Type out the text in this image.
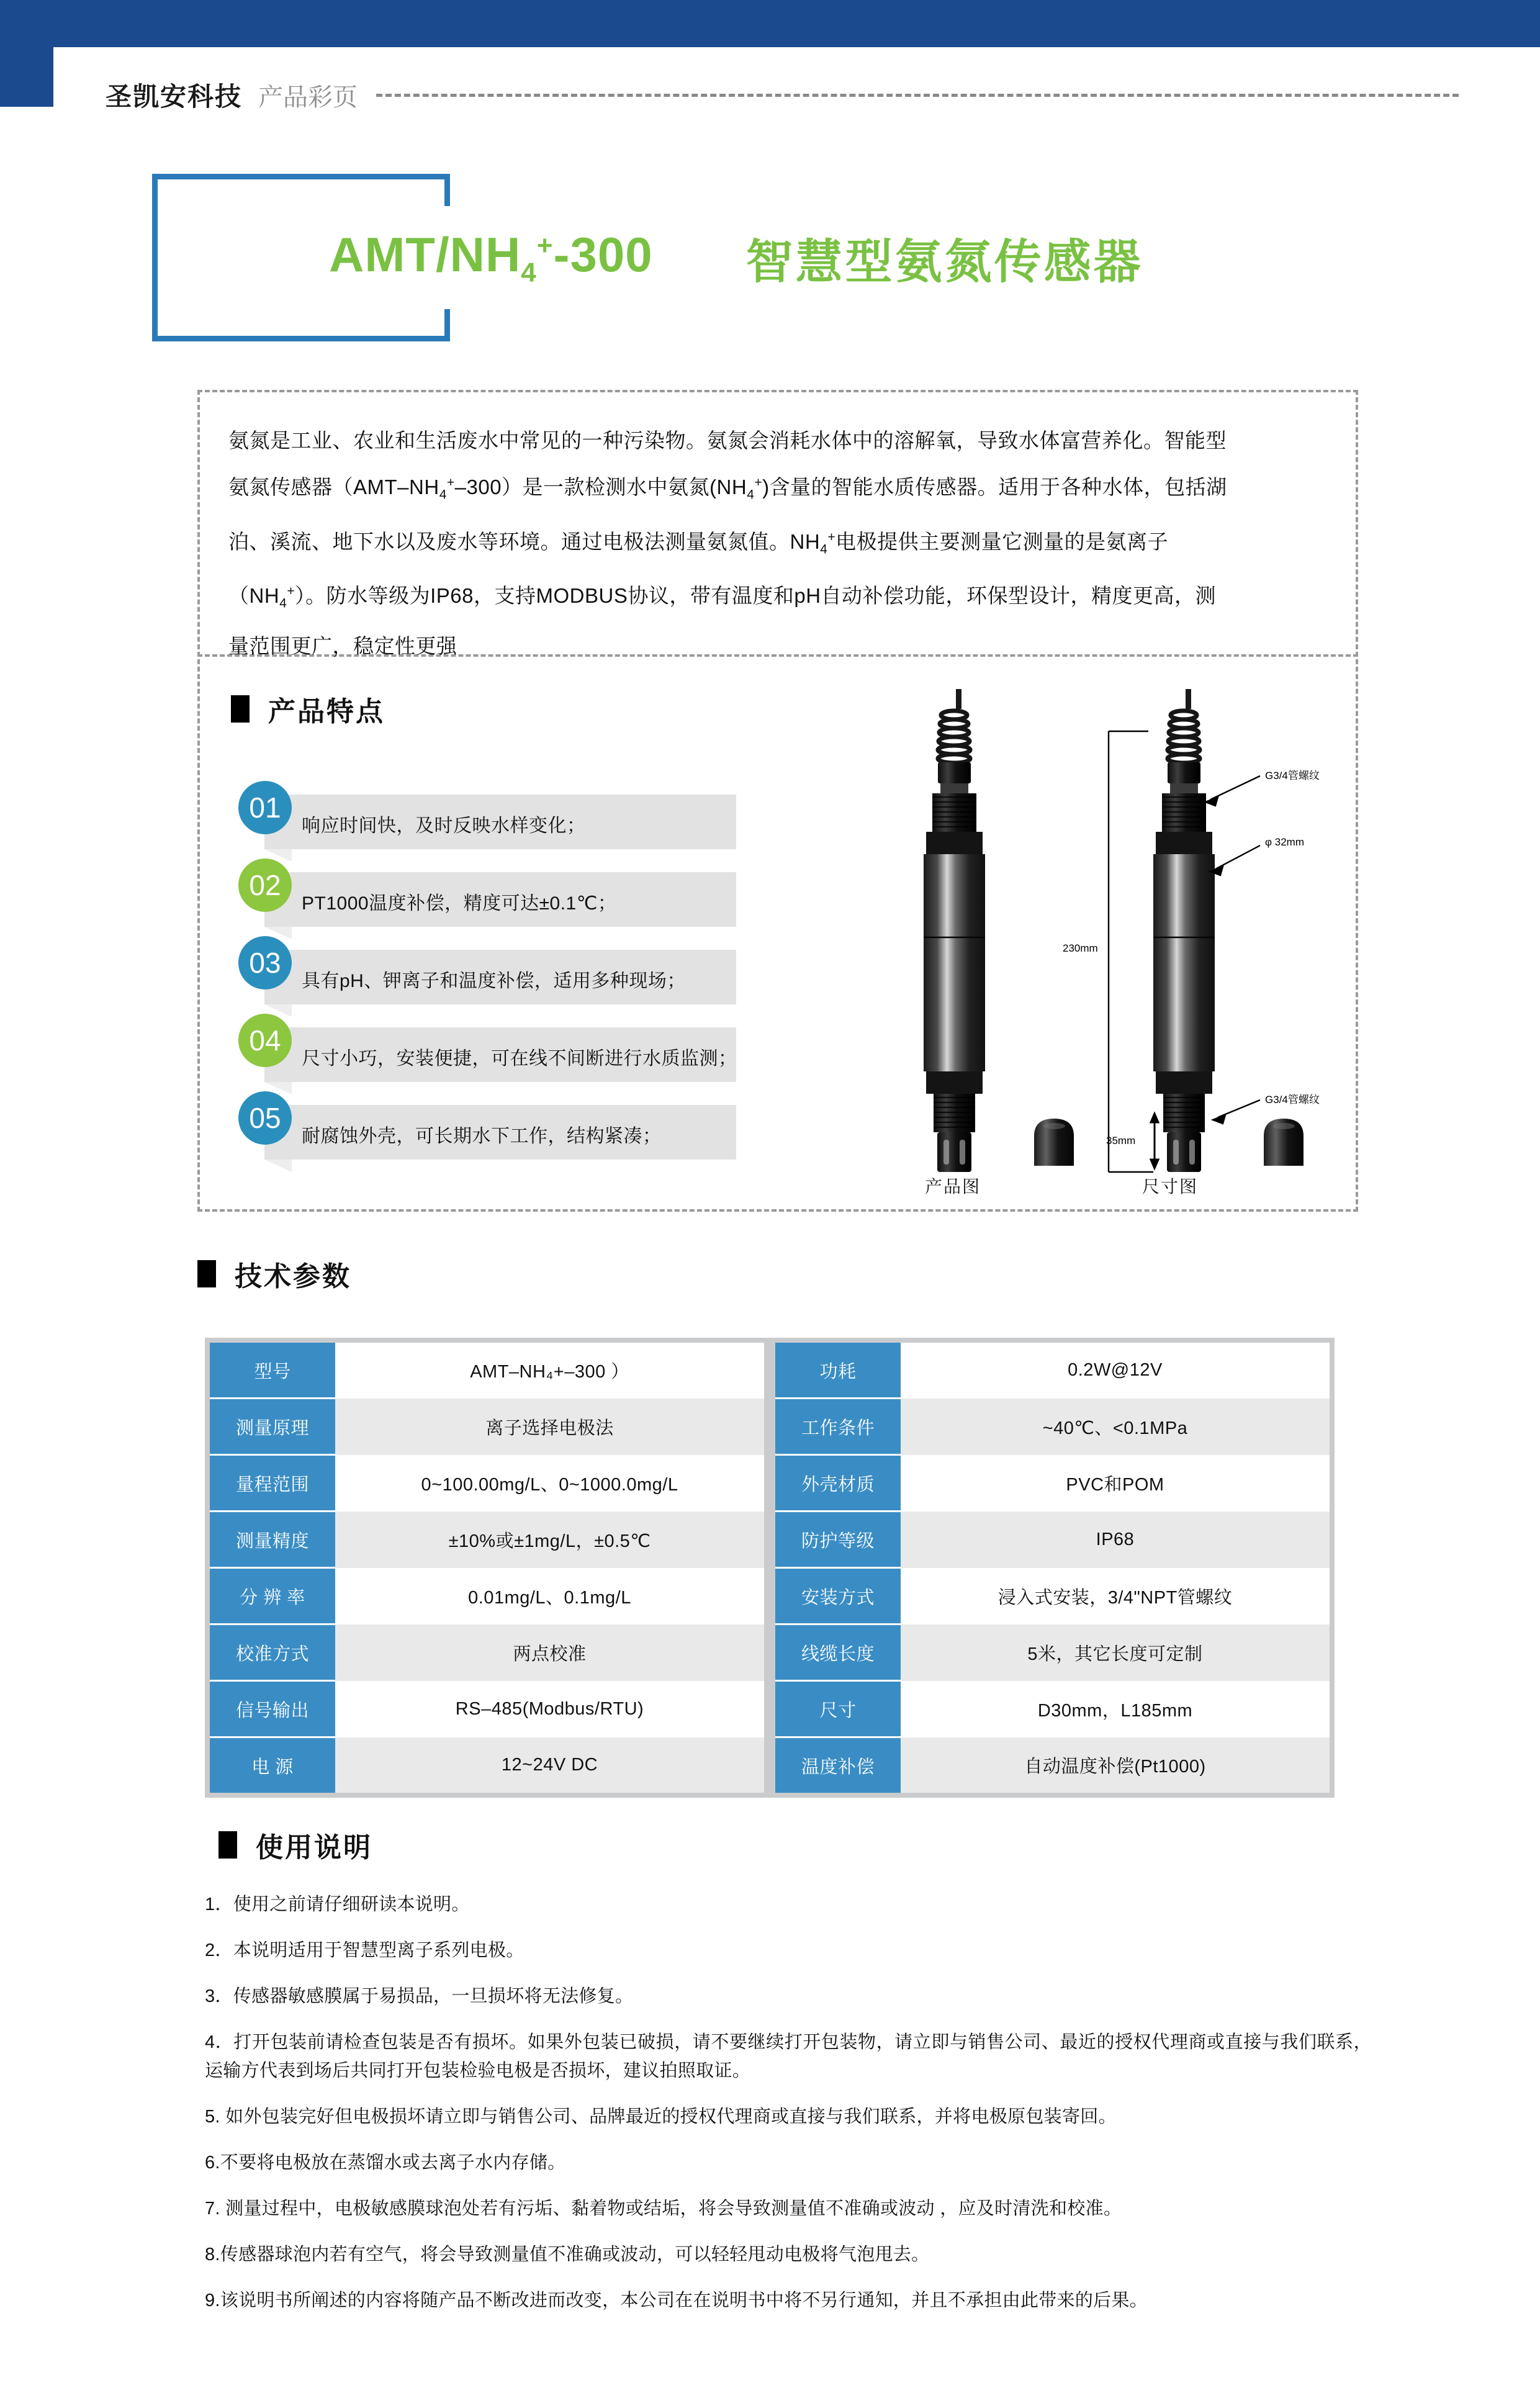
圣凯安科技 产品彩页
AMT/$NH_4^+-300$ 智慧型氨氮传感器
氨氮是工业、农业和生活废水中常见的一种污染物。氨氮会消耗水体中的溶解氧，导致水体富营养化。智能型
氨氮传感器$(AMT-NH_4^+-300)$是一款检测水中氨氮$(NH_4^+)$含量的智能水质传感器。适用于各种水体，包括湖
泊、溪流、地下水以及废水等环境。通过电极法测量氨氮值。$NH_4^+$电极提供主要测量它测量的是氨离子
$(NH_4^+)$。防水等级为IP68，支持MODBUS协议，带有温度和pH自动补偿功能，环保型设计，精度更高，测
量范围更广，稳定性更强
产品特点
01
响应时间快，及时反映水样变化；
02
PT1000温度补偿，精度可达±0.1℃；
03
具有pH、钾离子和温度补偿，适用多种现场；
04
尺寸小巧，安装便捷，可在线不间断进行水质监测；
05
耐腐蚀外壳，可长期水下工作，结构紧凑；
G3/4管螺纹
φ 32mm
G3/4管螺纹
230mm
35mm
产品图	尺寸图
技术参数
型号	AMT–NH₄+–300 ）		功耗	0.2W@12V
测量原理	离子选择电极法		工作条件	~40℃、<0.1MPa
量程范围	0~100.00mg/L、0~1000.0mg/L		外壳材质	PVC和POM
测量精度	±10%或±1mg/L，±0.5℃		防护等级	IP68
分 辨 率	0.01mg/L、0.1mg/L		安装方式	浸入式安装，3/4"NPT管螺纹
校准方式	两点校准		线缆长度	5米，其它长度可定制
信号输出	RS–485(Modbus/RTU)		尺寸	D30mm，L185mm
电 源	12~24V DC		温度补偿	自动温度补偿(Pt1000)
使用说明
1．使用之前请仔细研读本说明。
2．本说明适用于智慧型离子系列电极。
3．传感器敏感膜属于易损品，一旦损坏将无法修复。
4．打开包装前请检查包装是否有损坏。如果外包装已破损，请不要继续打开包装物，请立即与销售公司、最近的授权代理商或直接与我们联系，运输方代表到场后共同打开包装检验电极是否损坏，建议拍照取证。
5. 如外包装完好但电极损坏请立即与销售公司、品牌最近的授权代理商或直接与我们联系，并将电极原包装寄回。
6.不要将电极放在蒸馏水或去离子水内存储。
7. 测量过程中，电极敏感膜球泡处若有污垢、黏着物或结垢，将会导致测量值不准确或波动 ，应及时清洗和校准。
8.传感器球泡内若有空气，将会导致测量值不准确或波动，可以轻轻甩动电极将气泡甩去。
9.该说明书所阐述的内容将随产品不断改进而改变，本公司在在说明书中将不另行通知，并且不承担由此带来的后果。
